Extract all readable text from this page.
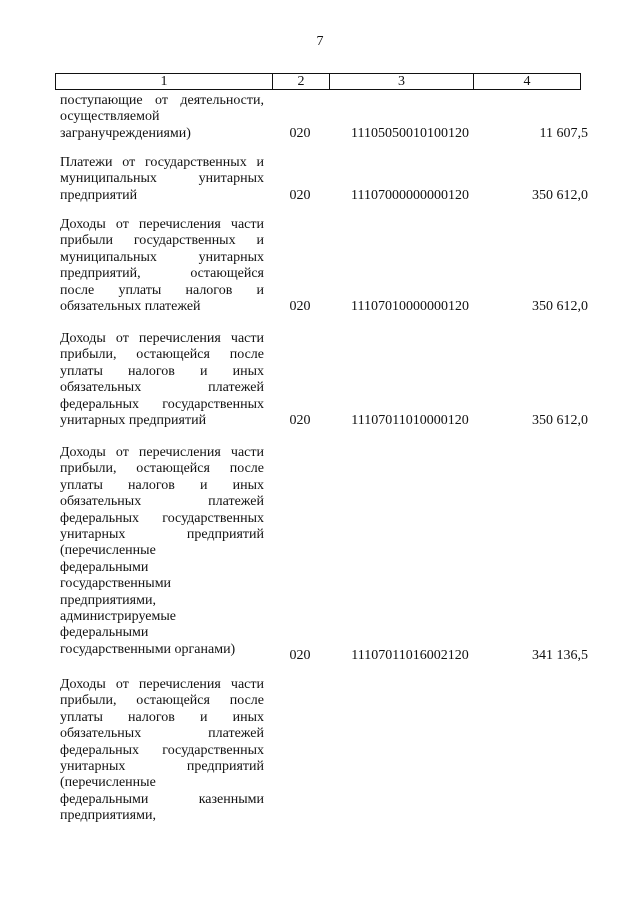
7
1	2	3	4
поступающие от деятельности,
осуществляемой
загранучреждениями)	020	11105050010100120	11 607,5
Платежи от государственных и
муниципальных унитарных
предприятий	020	11107000000000120	350 612,0
Доходы от перечисления части
прибыли государственных и
муниципальных унитарных
предприятий, остающейся
после уплаты налогов и
обязательных платежей	020	11107010000000120	350 612,0
Доходы от перечисления части
прибыли, остающейся после
уплаты налогов и иных
обязательных платежей
федеральных государственных
унитарных предприятий	020	11107011010000120	350 612,0
Доходы от перечисления части
прибыли, остающейся после
уплаты налогов и иных
обязательных платежей
федеральных государственных
унитарных предприятий
(перечисленные
федеральными
государственными
предприятиями,
администрируемые
федеральными
государственными органами)	020	11107011016002120	341 136,5
Доходы от перечисления части
прибыли, остающейся после
уплаты налогов и иных
обязательных платежей
федеральных государственных
унитарных предприятий
(перечисленные
федеральными казенными
предприятиями,
